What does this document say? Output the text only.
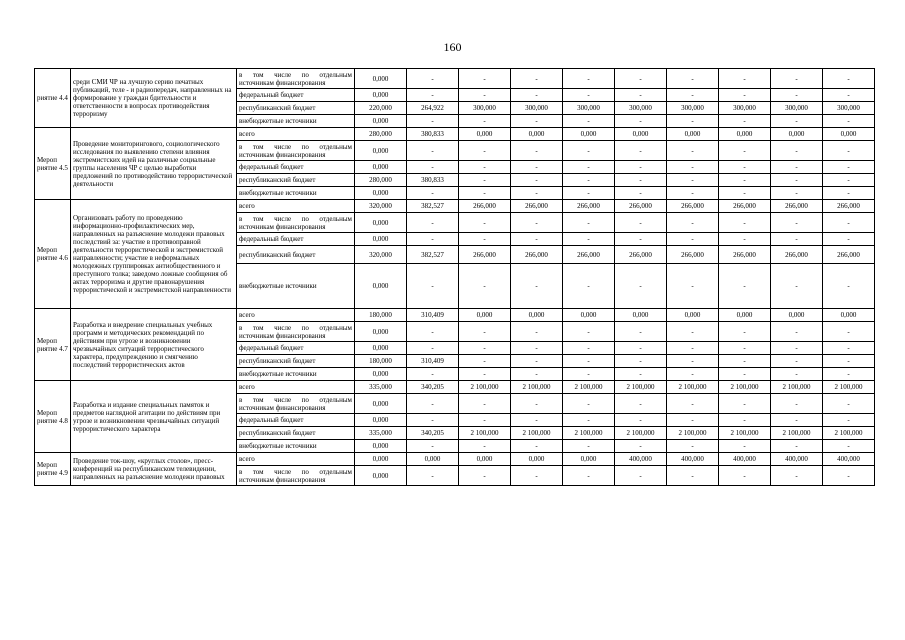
160
риятие 4.4	среди СМИ ЧР на лучшую серию печатных публикаций, теле - и радиопередач, направленных на формирование у граждан бдительности и ответственности в вопросах противодействия терроризму	в том числе по отдельным источникам финансирования	0,000	-	-	-	-	-	-	-	-	-
		федеральный бюджет	0,000	-	-	-	-	-	-	-	-	-
		республиканский бюджет	220,000	264,922	300,000	300,000	300,000	300,000	300,000	300,000	300,000	300,000
		внебюджетные источники	0,000	-	-	-	-	-	-	-	-	-
Мероп риятие 4.5	Проведение мониторингового, социологического исследования по выявлению степени влияния экстремистских идей на различные социальные группы населения ЧР с целью выработки предложений по противодействию террористической деятельности	всего	280,000	380,833	0,000	0,000	0,000	0,000	0,000	0,000	0,000	0,000
		в том числе по отдельным источникам финансирования	0,000	-	-	-	-	-	-	-	-	-
		федеральный бюджет	0,000	-	-	-	-	-	-	-	-	-
		республиканский бюджет	280,000	380,833	-	-	-	-	-	-	-	-
		внебюджетные источники	0,000	-	-	-	-	-	-	-	-	-
Мероп риятие 4.6	Организовать работу по проведению информационно-профилактических мер, направленных на разъяснение молодежи правовых последствий за: участие в противоправной деятельности террористической и экстремистской направленности; участие в неформальных молодежных группировках антиобщественного и преступного толка; заведомо ложные сообщения об актах терроризма и другие правонарушения террористической и экстремистской направленности	всего	320,000	382,527	266,000	266,000	266,000	266,000	266,000	266,000	266,000	266,000
		в том числе по отдельным источникам финансирования	0,000	-	-	-	-	-	-	-	-	-
		федеральный бюджет	0,000	-	-	-	-	-	-	-	-	-
		республиканский бюджет	320,000	382,527	266,000	266,000	266,000	266,000	266,000	266,000	266,000	266,000
		внебюджетные источники	0,000	-	-	-	-	-	-	-	-	-
Мероп риятие 4.7	Разработка и внедрение специальных учебных программ и методических рекомендаций по действиям при угрозе и возникновении чрезвычайных ситуаций террористического характера, предупреждению и смягчению последствий террористических актов	всего	180,000	310,409	0,000	0,000	0,000	0,000	0,000	0,000	0,000	0,000
		в том числе по отдельным источникам финансирования	0,000	-	-	-	-	-	-	-	-	-
		федеральный бюджет	0,000	-	-	-	-	-	-	-	-	-
		республиканский бюджет	180,000	310,409	-	-	-	-	-	-	-	-
		внебюджетные источники	0,000	-	-	-	-	-	-	-	-	-
Мероп риятие 4.8	Разработка и издание специальных памяток и предметов наглядной агитации по действиям при угрозе и возникновении чрезвычайных ситуаций террористического характера	всего	335,000	340,205	2 100,000	2 100,000	2 100,000	2 100,000	2 100,000	2 100,000	2 100,000	2 100,000
		в том числе по отдельным источникам финансирования	0,000	-	-	-	-	-	-	-	-	-
		федеральный бюджет	0,000	-	-	-	-	-	-	-	-	-
		республиканский бюджет	335,000	340,205	2 100,000	2 100,000	2 100,000	2 100,000	2 100,000	2 100,000	2 100,000	2 100,000
		внебюджетные источники	0,000	-	-	-	-	-	-	-	-	-
Мероп риятие 4.9	Проведение ток-шоу, «круглых столов», пресс-конференций на республиканском телевидении, направленных на разъяснение молодежи правовых	всего	0,000	0,000	0,000	0,000	0,000	400,000	400,000	400,000	400,000	400,000
		в том числе по отдельным источникам финансирования	0,000	-	-	-	-	-	-	-	-	-
